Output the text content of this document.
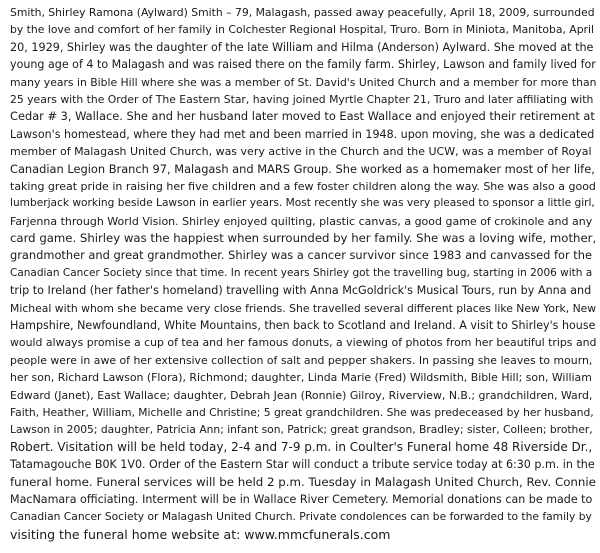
Smith, Shirley Ramona (Aylward) Smith – 79, Malagash, passed away peacefully, April 18, 2009, surrounded
by the love and comfort of her family in Colchester Regional Hospital, Truro. Born in Miniota, Manitoba, April
20, 1929, Shirley was the daughter of the late William and Hilma (Anderson) Aylward. She moved at the
young age of 4 to Malagash and was raised there on the family farm. Shirley, Lawson and family lived for
many years in Bible Hill where she was a member of St. David's United Church and a member for more than
25 years with the Order of The Eastern Star, having joined Myrtle Chapter 21, Truro and later affiliating with
Cedar # 3, Wallace. She and her husband later moved to East Wallace and enjoyed their retirement at
Lawson's homestead, where they had met and been married in 1948. upon moving, she was a dedicated
member of Malagash United Church, was very active in the Church and the UCW, was a member of Royal
Canadian Legion Branch 97, Malagash and MARS Group. She worked as a homemaker most of her life,
taking great pride in raising her five children and a few foster children along the way. She was also a good
lumberjack working beside Lawson in earlier years. Most recently she was very pleased to sponsor a little girl,
Farjenna through World Vision. Shirley enjoyed quilting, plastic canvas, a good game of crokinole and any
card game. Shirley was the happiest when surrounded by her family. She was a loving wife, mother,
grandmother and great grandmother. Shirley was a cancer survivor since 1983 and canvassed for the
Canadian Cancer Society since that time. In recent years Shirley got the travelling bug, starting in 2006 with a
trip to Ireland (her father's homeland) travelling with Anna McGoldrick's Musical Tours, run by Anna and
Micheal with whom she became very close friends. She travelled several different places like New York, New
Hampshire, Newfoundland, White Mountains, then back to Scotland and Ireland. A visit to Shirley's house
would always promise a cup of tea and her famous donuts, a viewing of photos from her beautiful trips and
people were in awe of her extensive collection of salt and pepper shakers. In passing she leaves to mourn,
her son, Richard Lawson (Flora), Richmond; daughter, Linda Marie (Fred) Wildsmith, Bible Hill; son, William
Edward (Janet), East Wallace; daughter, Debrah Jean (Ronnie) Gilroy, Riverview, N.B.; grandchildren, Ward,
Faith, Heather, William, Michelle and Christine; 5 great grandchildren. She was predeceased by her husband,
Lawson in 2005; daughter, Patricia Ann; infant son, Patrick; great grandson, Bradley; sister, Colleen; brother,
Robert. Visitation will be held today, 2-4 and 7-9 p.m. in Coulter's Funeral home 48 Riverside Dr.,
Tatamagouche B0K 1V0. Order of the Eastern Star will conduct a tribute service today at 6:30 p.m. in the
funeral home. Funeral services will be held 2 p.m. Tuesday in Malagash United Church, Rev. Connie
MacNamara officiating. Interment will be in Wallace River Cemetery. Memorial donations can be made to
Canadian Cancer Society or Malagash United Church. Private condolences can be forwarded to the family by
visiting the funeral home website at: www.mmcfunerals.com
